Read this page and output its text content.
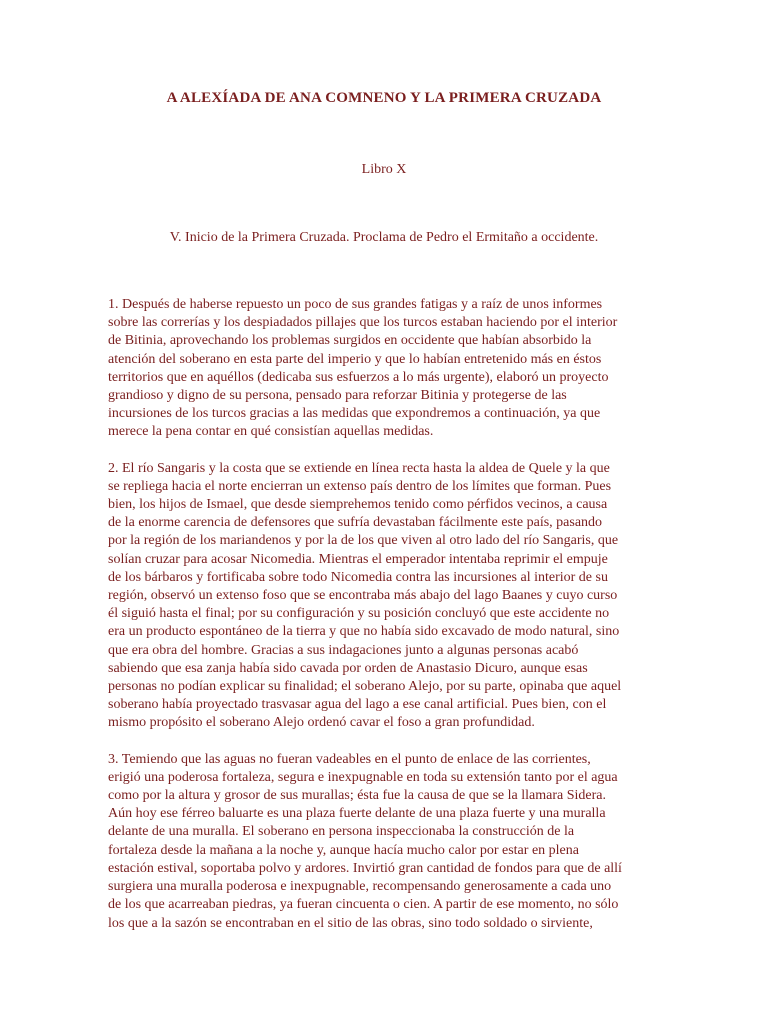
A ALEXÍADA DE ANA COMNENO Y LA PRIMERA CRUZADA
Libro X
V. Inicio de la Primera Cruzada. Proclama de Pedro el Ermitaño a occidente.
1. Después de haberse repuesto un poco de sus grandes fatigas y a raíz de unos informes
sobre las correrías y los despiadados pillajes que los turcos estaban haciendo por el interior
de Bitinia, aprovechando los problemas surgidos en occidente que habían absorbido la
atención del soberano en esta parte del imperio y que lo habían entretenido más en éstos
territorios que en aquéllos (dedicaba sus esfuerzos a lo más urgente), elaboró un proyecto
grandioso y digno de su persona, pensado para reforzar Bitinia y protegerse de las
incursiones de los turcos gracias a las medidas que expondremos a continuación, ya que
merece la pena contar en qué consistían aquellas medidas.
2. El río Sangaris y la costa que se extiende en línea recta hasta la aldea de Quele y la que
se repliega hacia el norte encierran un extenso país dentro de los límites que forman. Pues
bien, los hijos de Ismael, que desde siemprehemos tenido como pérfidos vecinos, a causa
de la enorme carencia de defensores que sufría devastaban fácilmente este país, pasando
por la región de los mariandenos y por la de los que viven al otro lado del río Sangaris, que
solían cruzar para acosar Nicomedia. Mientras el emperador intentaba reprimir el empuje
de los bárbaros y fortificaba sobre todo Nicomedia contra las incursiones al interior de su
región, observó un extenso foso que se encontraba más abajo del lago Baanes y cuyo curso
él siguió hasta el final; por su configuración y su posición concluyó que este accidente no
era un producto espontáneo de la tierra y que no había sido excavado de modo natural, sino
que era obra del hombre. Gracias a sus indagaciones junto a algunas personas acabó
sabiendo que esa zanja había sido cavada por orden de Anastasio Dicuro, aunque esas
personas no podían explicar su finalidad; el soberano Alejo, por su parte, opinaba que aquel
soberano había proyectado trasvasar agua del lago a ese canal artificial. Pues bien, con el
mismo propósito el soberano Alejo ordenó cavar el foso a gran profundidad.
3. Temiendo que las aguas no fueran vadeables en el punto de enlace de las corrientes,
erigió una poderosa fortaleza, segura e inexpugnable en toda su extensión tanto por el agua
como por la altura y grosor de sus murallas; ésta fue la causa de que se la llamara Sidera.
Aún hoy ese férreo baluarte es una plaza fuerte delante de una plaza fuerte y una muralla
delante de una muralla. El soberano en persona inspeccionaba la construcción de la
fortaleza desde la mañana a la noche y, aunque hacía mucho calor por estar en plena
estación estival, soportaba polvo y ardores. Invirtió gran cantidad de fondos para que de allí
surgiera una muralla poderosa e inexpugnable, recompensando generosamente a cada uno
de los que acarreaban piedras, ya fueran cincuenta o cien. A partir de ese momento, no sólo
los que a la sazón se encontraban en el sitio de las obras, sino todo soldado o sirviente,
